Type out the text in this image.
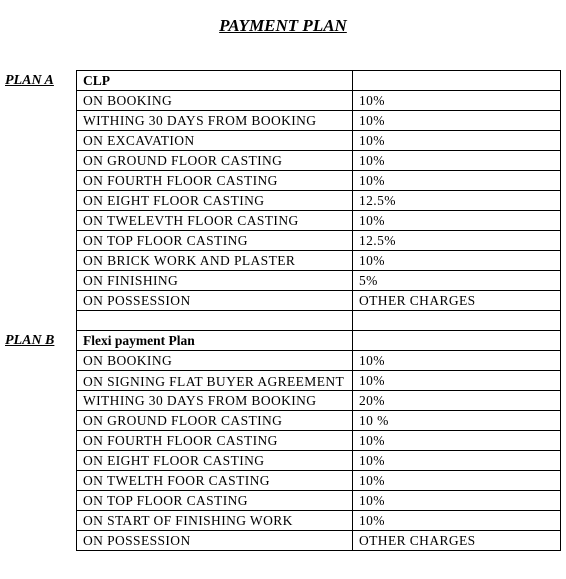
PAYMENT PLAN
PLAN A
PLAN B
CLP	
ON BOOKING	10%
WITHING 30 DAYS FROM BOOKING	10%
ON EXCAVATION	10%
ON GROUND FLOOR CASTING	10%
ON FOURTH FLOOR CASTING	10%
ON EIGHT FLOOR CASTING	12.5%
ON TWELEVTH FLOOR CASTING	10%
ON TOP FLOOR CASTING	12.5%
ON BRICK WORK AND PLASTER	10%
ON FINISHING	5%
ON POSSESSION	OTHER CHARGES

Flexi payment Plan	
ON BOOKING	10%
ON SIGNING FLAT BUYER AGREEMENT	10%
WITHING 30 DAYS FROM BOOKING	20%
ON GROUND FLOOR CASTING	10 %
ON FOURTH FLOOR CASTING	10%
ON EIGHT FLOOR CASTING	10%
ON TWELTH FOOR CASTING	10%
ON TOP FLOOR CASTING	10%
ON START OF FINISHING WORK	10%
ON POSSESSION	OTHER CHARGES
